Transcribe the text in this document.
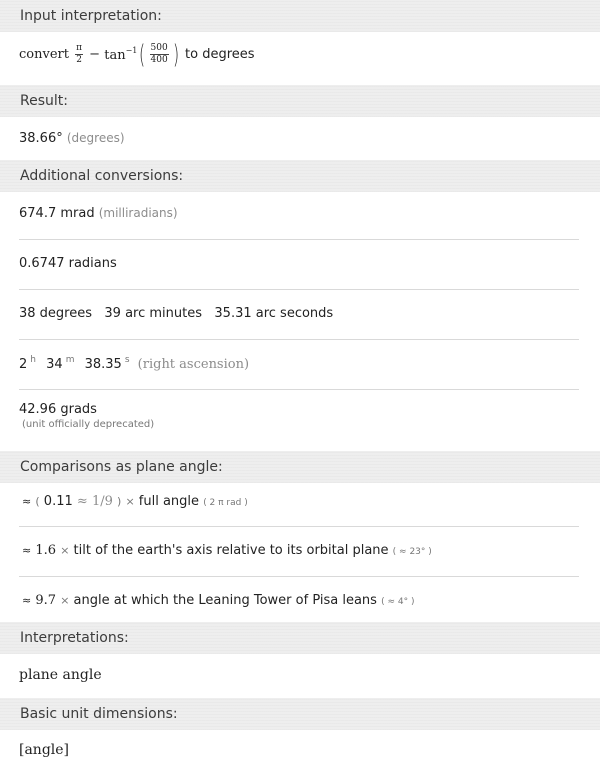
Input interpretation:
convert $\frac{\pi}{2} - \tan^{-1}( \frac{500}{400}$ ) to degrees
Result:
38.66° (degrees)
Additional conversions:
674.7 mrad (milliradians)
0.6747 radians
38 degrees   39 arc minutes   35.31 arc seconds
2 $^h$ 34 $^m$ 38.35 $^s$ (right ascension)
42.96 grads
(unit officially deprecated)
Comparisons as plane angle:
≈ ( 0.11 ≈ 1/9 ) × full angle ( 2 π rad )
≈ 1.6 × tilt of the earth's axis relative to its orbital plane ( ≈ 23° )
≈ 9.7 × angle at which the Leaning Tower of Pisa leans ( ≈ 4° )
Interpretations:
plane angle
Basic unit dimensions:
[angle]
